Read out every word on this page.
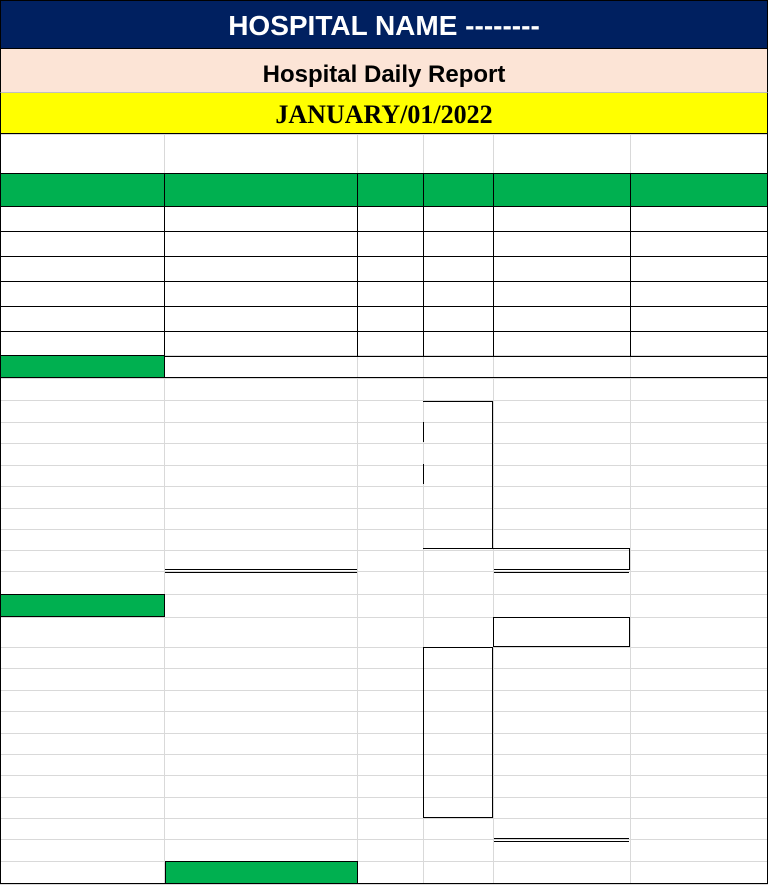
HOSPITAL NAME --------
Hospital Daily Report
JANUARY/01/2022
